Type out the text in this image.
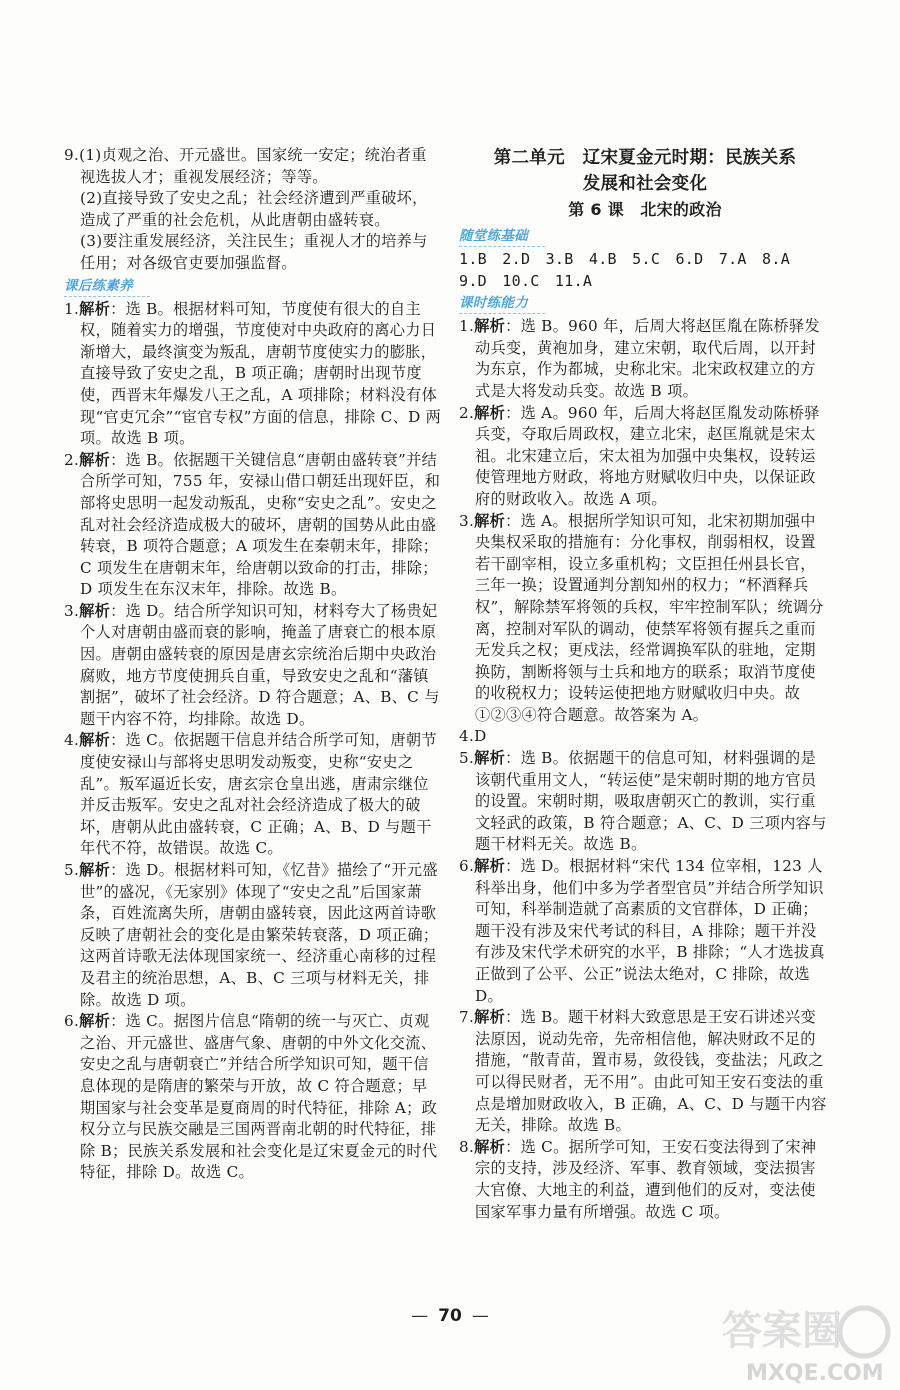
9.(1)贞观之治、开元盛世。国家统一安定；统治者重视选拔人才；重视发展经济；等等。
(2)直接导致了安史之乱；社会经济遭到严重破坏，造成了严重的社会危机，从此唐朝由盛转衰。
(3)要注重发展经济，关注民生；重视人才的培养与任用；对各级官吏要加强监督。
课后练素养
1.解析：选 B。根据材料可知，节度使有很大的自主权，随着实力的增强，节度使对中央政府的离心力日渐增大，最终演变为叛乱，唐朝节度使实力的膨胀，直接导致了安史之乱，B 项正确；唐朝时出现节度使，西晋末年爆发八王之乱，A 项排除；材料没有体现“官吏冗余”“宦官专权”方面的信息，排除 C、D 两项。故选 B 项。
2.解析：选 B。依据题干关键信息“唐朝由盛转衰”并结合所学可知，755 年，安禄山借口朝廷出现奸臣，和部将史思明一起发动叛乱，史称“安史之乱”。安史之乱对社会经济造成极大的破坏，唐朝的国势从此由盛转衰，B 项符合题意；A 项发生在秦朝末年，排除；C 项发生在唐朝末年，给唐朝以致命的打击，排除；D 项发生在东汉末年，排除。故选 B。
3.解析：选 D。结合所学知识可知，材料夸大了杨贵妃个人对唐朝由盛而衰的影响，掩盖了唐衰亡的根本原因。唐朝由盛转衰的原因是唐玄宗统治后期中央政治腐败，地方节度使拥兵自重，导致安史之乱和“藩镇割据”，破坏了社会经济。D 符合题意；A、B、C 与题干内容不符，均排除。故选 D。
4.解析：选 C。依据题干信息并结合所学可知，唐朝节度使安禄山与部将史思明发动叛变，史称“安史之乱”。叛军逼近长安，唐玄宗仓皇出逃，唐肃宗继位并反击叛军。安史之乱对社会经济造成了极大的破坏，唐朝从此由盛转衰，C 正确；A、B、D 与题干年代不符，故错误。故选 C。
5.解析：选 D。根据材料可知，《忆昔》描绘了“开元盛世”的盛况，《无家别》体现了“安史之乱”后国家萧条，百姓流离失所，唐朝由盛转衰，因此这两首诗歌反映了唐朝社会的变化是由繁荣转衰落，D 项正确；这两首诗歌无法体现国家统一、经济重心南移的过程及君主的统治思想，A、B、C 三项与材料无关，排除。故选 D 项。
6.解析：选 C。据图片信息“隋朝的统一与灭亡、贞观之治、开元盛世、盛唐气象、唐朝的中外文化交流、安史之乱与唐朝衰亡”并结合所学知识可知，题干信息体现的是隋唐的繁荣与开放，故 C 符合题意；早期国家与社会变革是夏商周的时代特征，排除 A；政权分立与民族交融是三国两晋南北朝的时代特征，排除 B；民族关系发展和社会变化是辽宋夏金元的时代特征，排除 D。故选 C。
第二单元　辽宋夏金元时期：民族关系
发展和社会变化
第 6 课　北宋的政治
随堂练基础
1.B　2.D　3.B　4.B　5.C　6.D　7.A　8.A
9.D　10.C　11.A
课时练能力
1.解析：选 B。960 年，后周大将赵匡胤在陈桥驿发动兵变，黄袍加身，建立宋朝，取代后周，以开封为东京，作为都城，史称北宋。北宋政权建立的方式是大将发动兵变。故选 B 项。
2.解析：选 A。960 年，后周大将赵匡胤发动陈桥驿兵变，夺取后周政权，建立北宋，赵匡胤就是宋太祖。北宋建立后，宋太祖为加强中央集权，设转运使管理地方财政，将地方财赋收归中央，以保证政府的财政收入。故选 A 项。
3.解析：选 A。根据所学知识可知，北宋初期加强中央集权采取的措施有：分化事权，削弱相权，设置若干副宰相，设立多重机构；文臣担任州县长官，三年一换；设置通判分割知州的权力；“杯酒释兵权”，解除禁军将领的兵权，牢牢控制军队；统调分离，控制对军队的调动，使禁军将领有握兵之重而无发兵之权；更戍法，经常调换军队的驻地，定期换防，割断将领与士兵和地方的联系；取消节度使的收税权力；设转运使把地方财赋收归中央。故①②③④符合题意。故答案为 A。
4.D
5.解析：选 B。依据题干的信息可知，材料强调的是该朝代重用文人，“转运使”是宋朝时期的地方官员的设置。宋朝时期，吸取唐朝灭亡的教训，实行重文轻武的政策，B 符合题意；A、C、D 三项内容与题干材料无关。故选 B。
6.解析：选 D。根据材料“宋代 134 位宰相，123 人科举出身，他们中多为学者型官员”并结合所学知识可知，科举制造就了高素质的文官群体，D 正确；题干没有涉及宋代考试的科目，A 排除；题干并没有涉及宋代学术研究的水平，B 排除；“人才选拔真正做到了公平、公正”说法太绝对，C 排除，故选 D。
7.解析：选 B。题干材料大致意思是王安石讲述兴变法原因，说动先帝，先帝相信他，解决财政不足的措施，“散青苗，置市易，敛役钱，变盐法；凡政之可以得民财者，无不用”。由此可知王安石变法的重点是增加财政收入，B 正确，A、C、D 与题干内容无关，排除。故选 B。
8.解析：选 C。据所学可知，王安石变法得到了宋神宗的支持，涉及经济、军事、教育领域，变法损害大官僚、大地主的利益，遭到他们的反对，变法使国家军事力量有所增强。故选 C 项。
— 70 —	答案圈
MXQE.COM
